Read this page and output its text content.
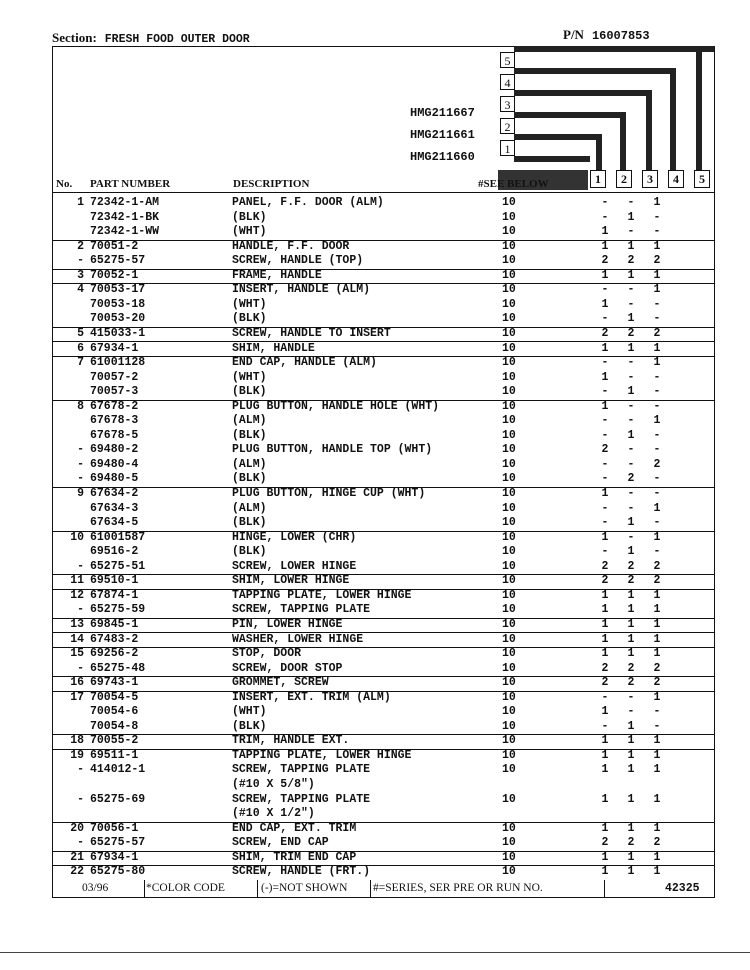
Section: FRESH FOOD OUTER DOOR	P/N 16007853
5
4
3
2
1
HMG211667
HMG211661
HMG211660
No. PART NUMBER	DESCRIPTION	#SEE BELOW	1	2	3	4	5
1 72342-1-AM	PANEL, F.F. DOOR (ALM)	10	-	-	1
72342-1-BK	(BLK)	10	-	1	-
72342-1-WW	(WHT)	10	1	-	-
2 70051-2	HANDLE, F.F. DOOR	10	1	1	1
- 65275-57	SCREW, HANDLE (TOP)	10	2	2	2
3 70052-1	FRAME, HANDLE	10	1	1	1
4 70053-17	INSERT, HANDLE (ALM)	10	-	-	1
70053-18	(WHT)	10	1	-	-
70053-20	(BLK)	10	-	1	-
5 415033-1	SCREW, HANDLE TO INSERT	10	2	2	2
6 67934-1	SHIM, HANDLE	10	1	1	1
7 61001128	END CAP, HANDLE (ALM)	10	-	-	1
70057-2	(WHT)	10	1	-	-
70057-3	(BLK)	10	-	1	-
8 67678-2	PLUG BUTTON, HANDLE HOLE (WHT)	10	1	-	-
67678-3	(ALM)	10	-	-	1
67678-5	(BLK)	10	-	1	-
- 69480-2	PLUG BUTTON, HANDLE TOP (WHT)	10	2	-	-
- 69480-4	(ALM)	10	-	-	2
- 69480-5	(BLK)	10	-	2	-
9 67634-2	PLUG BUTTON, HINGE CUP (WHT)	10	1	-	-
67634-3	(ALM)	10	-	-	1
67634-5	(BLK)	10	-	1	-
10 61001587	HINGE, LOWER (CHR)	10	1	-	1
69516-2	(BLK)	10	-	1	-
- 65275-51	SCREW, LOWER HINGE	10	2	2	2
11 69510-1	SHIM, LOWER HINGE	10	2	2	2
12 67874-1	TAPPING PLATE, LOWER HINGE	10	1	1	1
- 65275-59	SCREW, TAPPING PLATE	10	1	1	1
13 69845-1	PIN, LOWER HINGE	10	1	1	1
14 67483-2	WASHER, LOWER HINGE	10	1	1	1
15 69256-2	STOP, DOOR	10	1	1	1
- 65275-48	SCREW, DOOR STOP	10	2	2	2
16 69743-1	GROMMET, SCREW	10	2	2	2
17 70054-5	INSERT, EXT. TRIM (ALM)	10	-	-	1
70054-6	(WHT)	10	1	-	-
70054-8	(BLK)	10	-	1	-
18 70055-2	TRIM, HANDLE EXT.	10	1	1	1
19 69511-1	TAPPING PLATE, LOWER HINGE	10	1	1	1
- 414012-1	SCREW, TAPPING PLATE	10	1	1	1
(#10 X 5/8")
- 65275-69	SCREW, TAPPING PLATE	10	1	1	1
(#10 X 1/2")
20 70056-1	END CAP, EXT. TRIM	10	1	1	1
- 65275-57	SCREW, END CAP	10	2	2	2
21 67934-1	SHIM, TRIM END CAP	10	1	1	1
22 65275-80	SCREW, HANDLE (FRT.)	10	1	1	1
03/96	*COLOR CODE	(-)=NOT SHOWN #=SERIES, SER PRE OR RUN NO.	42325
